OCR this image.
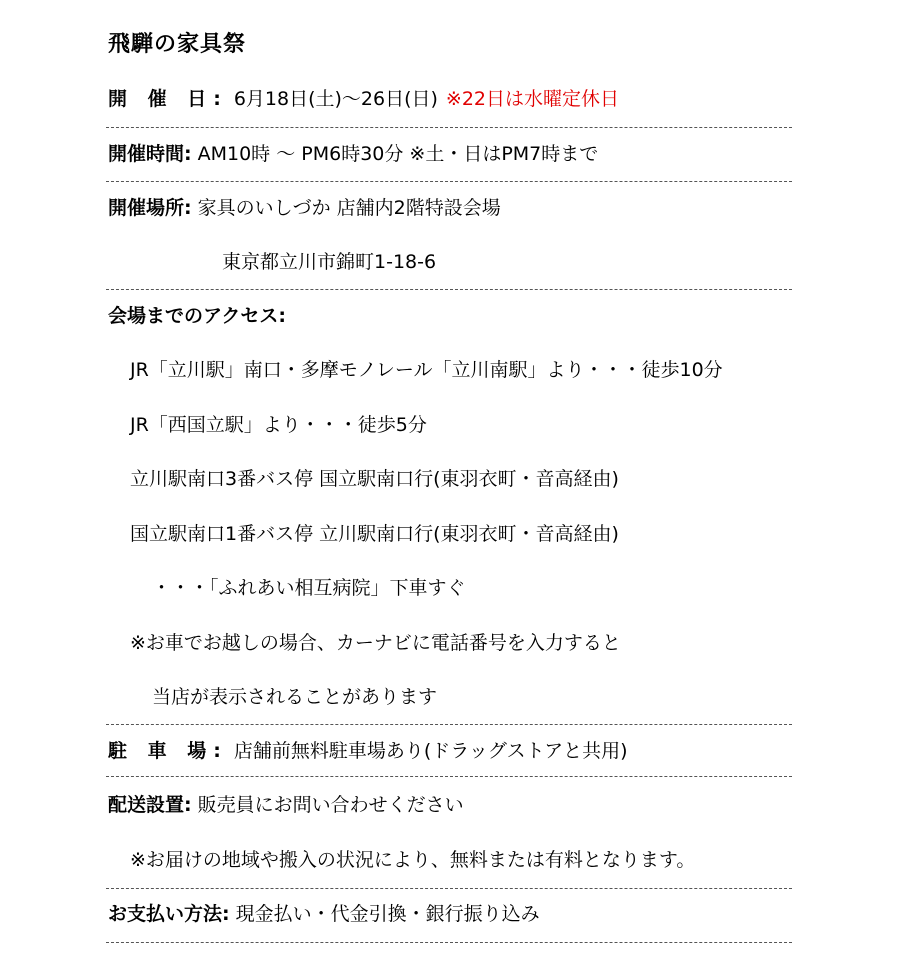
飛騨の家具祭
開 催 日: 6月18日(土)～26日(日) ※22日は水曜定休日
開催時間: AM10時 ～ PM6時30分 ※土・日はPM7時まで
開催場所: 家具のいしづか 店舗内2階特設会場
東京都立川市錦町1-18-6
会場までのアクセス:
JR「立川駅」南口・多摩モノレール「立川南駅」より・・・徒歩10分
JR「西国立駅」より・・・徒歩5分
立川駅南口3番バス停 国立駅南口行(東羽衣町・音高経由)
国立駅南口1番バス停 立川駅南口行(東羽衣町・音高経由)
・・・「ふれあい相互病院」下車すぐ
※お車でお越しの場合、カーナビに電話番号を入力すると
当店が表示されることがあります
駐 車 場: 店舗前無料駐車場あり(ドラッグストアと共用)
配送設置: 販売員にお問い合わせください
※お届けの地域や搬入の状況により、無料または有料となります。
お支払い方法: 現金払い・代金引換・銀行振り込み
